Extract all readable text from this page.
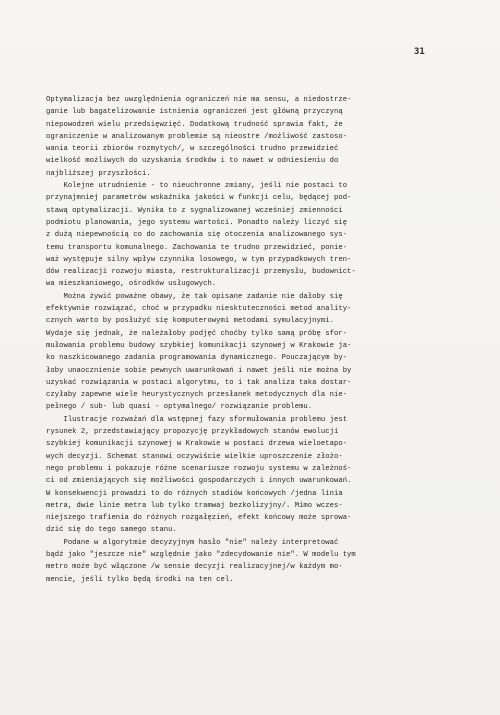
31
Optymalizacja bez uwzględnienia ograniczeń nie ma sensu, a niedostrze-
ganie lub bagatelizowanie istnienia ograniczeń jest główną przyczyną
niepowodzeń wielu przedsięwzięć. Dodatkową trudność sprawia fakt, że
ograniczenie w analizowanym problemie są nieostre /możliwość zastoso-
wania teorii zbiorów rozmytych/, w szczególności trudno przewidzieć
wielkość możliwych do uzyskania środków i to nawet w odniesieniu do
najbliższej przyszłości.
Kolejne utrudnienie - to nieuchronne zmiany, jeśli nie postaci to
przynajmniej parametrów wskaźnika jakości w funkcji celu, będącej pod-
stawą optymalizacji. Wynika to z sygnalizowanej wcześniej zmienności
podmiotu planowania, jego systemu wartości. Ponadto należy liczyć się
z dużą niepewnością co do zachowania się otoczenia analizowanego sys-
temu transportu komunalnego. Zachowania te trudno przewidzieć, ponie-
waż występuje silny wpływ czynnika losowego, w tym przypadkowych tren-
dów realizacji rozwoju miasta, restrukturalizacji przemysłu, budownict-
wa mieszkaniowego, ośrodków usługowych.
Można żywić poważne obawy, że tak opisane zadanie nie dałoby się
efektywnie rozwiązać, choć w przypadku niesktuteczności metod anality-
cznych warto by posłużyć się komputerowymi metodami symulacyjnymi.
Wydaje się jednak, że należałoby podjęć choćby tylko samą próbę sfor-
mułowania problemu budowy szybkiej komunikacji szynowej w Krakowie ja-
ko naszkicowanego zadania programowania dynamicznego. Pouczającym by-
łoby unaocznienie sobie pewnych uwarunkowań i nawet jeśli nie można by
uzyskać rozwiązania w postaci algorytmu, to i tak analiza taka dostar-
czyłaby zapewne wiele heurystycznych przesłanek metodycznych dla nie-
pełnego / sub- lub quasi - optymalnego/ rozwiązanie problemu.
Ilustracje rozważań dla wstępnej fazy sformułowania problemu jest
rysunek 2, przedstawiający propozycję przykładowych stanów ewolucji
szybkiej komunikacji szynowej w Krakowie w postaci drzewa wieloetapo-
wych decyzji. Schemat stanowi oczywiście wielkie uproszczenie złożo-
nego problemu i pokazuje różne scenariusze rozwoju systemu w zależnoś-
ci od zmieniających się możliwości gospodarczych i innych uwarunkowań.
W konsekwencji prowadzi to do różnych stadiów końcowych /jedna linia
metra, dwie linie metra lub tylko tramwaj bezkolizyjny/. Mimo wczes-
niejszego trafienia do różnych rozgałęzień, efekt końcowy może sprowa-
dzić się do tego samego stanu.
Podane w algorytmie decyzyjnym hasło "nie" należy interpretować
bądź jako "jeszcze nie" względnie jako "zdecydowanie nie". W modelu tym
metro może być włączone /w sensie decyzji realizacyjnej/w każdym mo-
mencie, jeśli tylko będą środki na ten cel.
